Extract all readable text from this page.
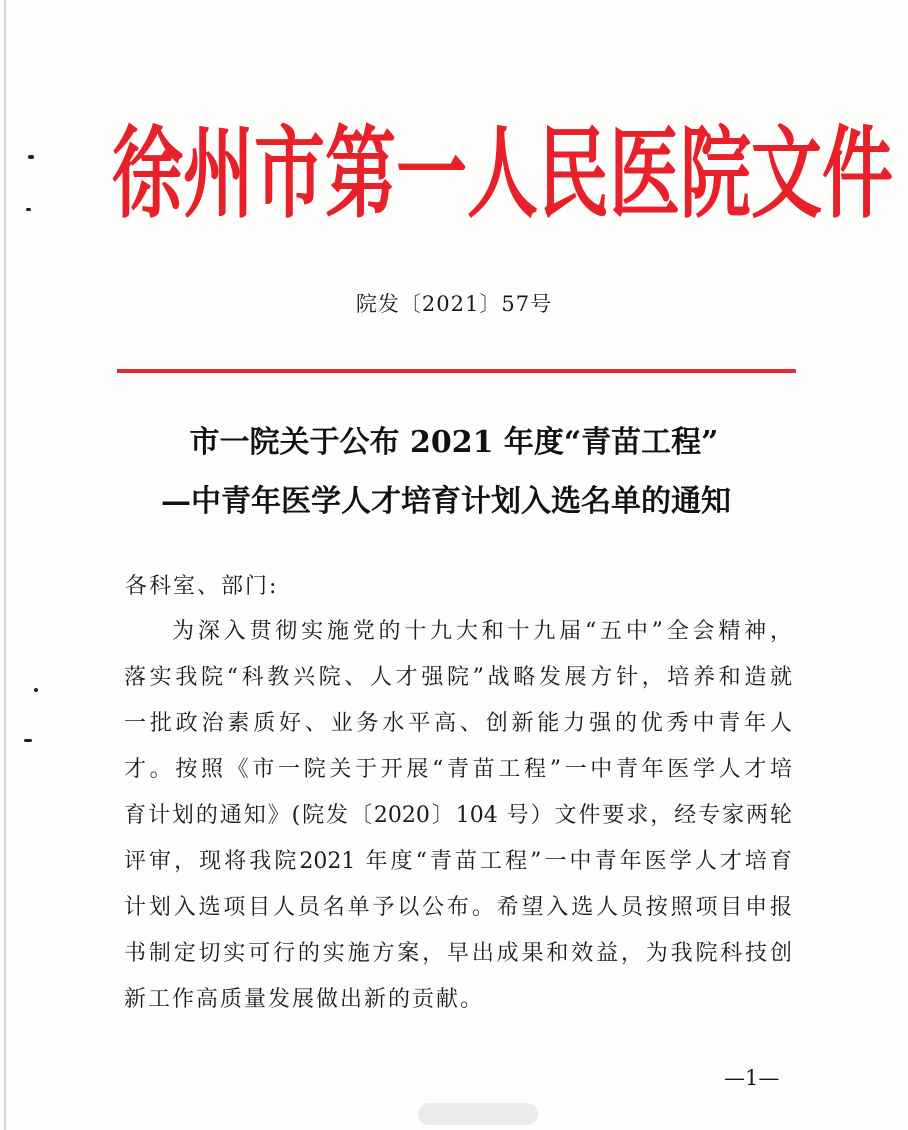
徐州市第一人民医院文件
院发〔2021〕57号
市一院关于公布 2021 年度“青苗工程”
—中青年医学人才培育计划入选名单的通知
各科室、部门:
为深入贯彻实施党的十九大和十九届“五中”全会精神，
落实我院“科教兴院、人才强院”战略发展方针，培养和造就
一批政治素质好、业务水平高、创新能力强的优秀中青年人
才。按照《市一院关于开展“青苗工程”一中青年医学人才培
育计划的通知》(院发〔2020〕104 号）文件要求，经专家两轮
评审，现将我院2021 年度“青苗工程”一中青年医学人才培育
计划入选项目人员名单予以公布。希望入选人员按照项目申报
书制定切实可行的实施方案，早出成果和效益，为我院科技创
新工作高质量发展做出新的贡献。
—1—
